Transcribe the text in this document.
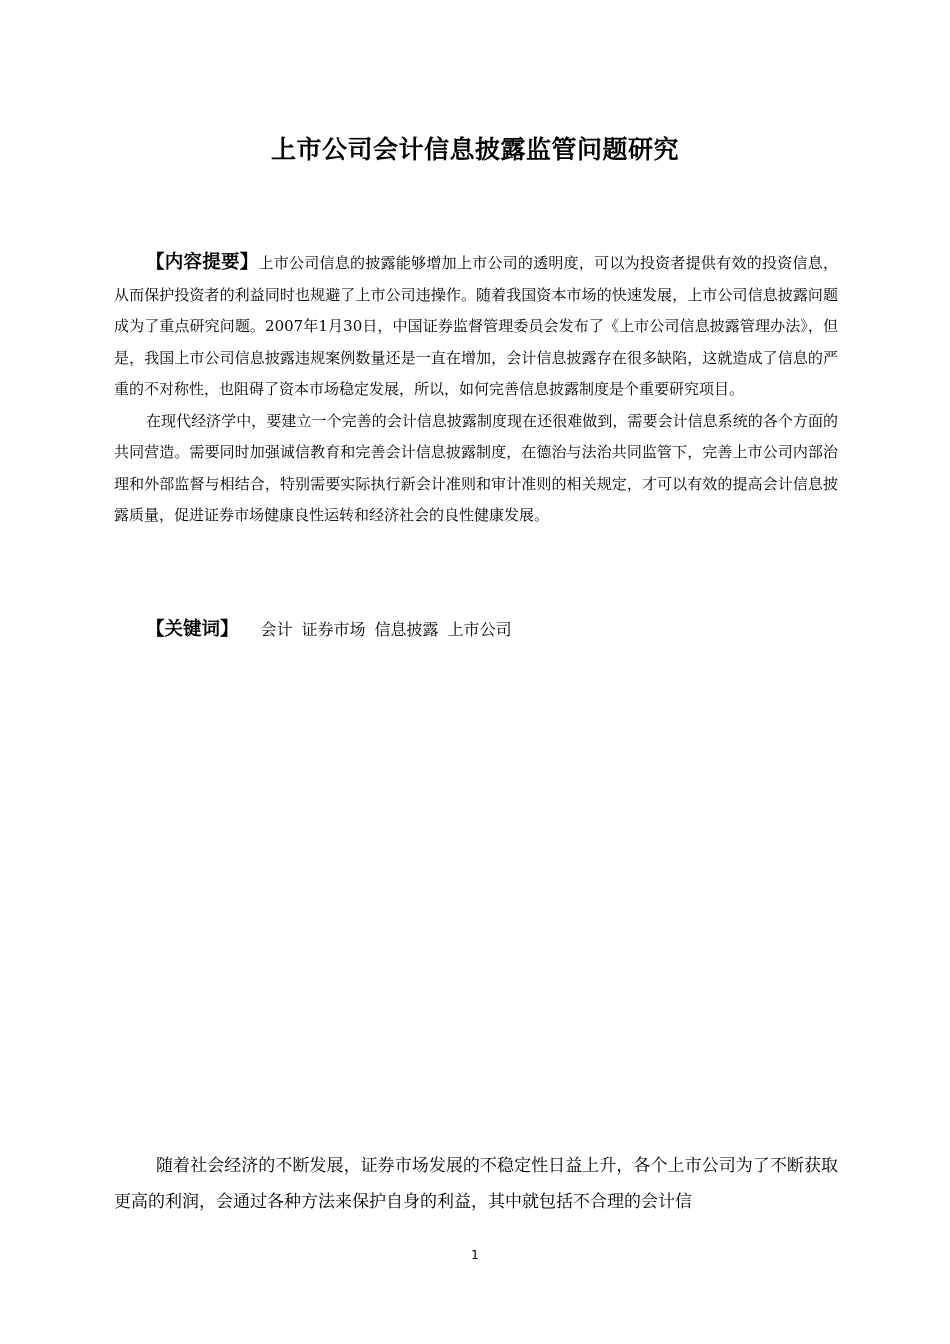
上市公司会计信息披露监管问题研究

【内容提要】上市公司信息的披露能够增加上市公司的透明度，可以为投资者提供有效的投资信息，从而保护投资者的利益同时也规避了上市公司违操作。随着我国资本市场的快速发展，上市公司信息披露问题成为了重点研究问题。2007年1月30日，中国证券监督管理委员会发布了《上市公司信息披露管理办法》，但是，我国上市公司信息披露违规案例数量还是一直在增加，会计信息披露存在很多缺陷，这就造成了信息的严重的不对称性，也阻碍了资本市场稳定发展，所以，如何完善信息披露制度是个重要研究项目。

在现代经济学中，要建立一个完善的会计信息披露制度现在还很难做到，需要会计信息系统的各个方面的共同营造。需要同时加强诚信教育和完善会计信息披露制度，在德治与法治共同监管下，完善上市公司内部治理和外部监督与相结合，特别需要实际执行新会计准则和审计准则的相关规定，才可以有效的提高会计信息披露质量，促进证券市场健康良性运转和经济社会的良性健康发展。

【关键词】 会计 证券市场 信息披露 上市公司

随着社会经济的不断发展，证券市场发展的不稳定性日益上升，各个上市公司为了不断获取更高的利润，会通过各种方法来保护自身的利益，其中就包括不合理的会计信

1
